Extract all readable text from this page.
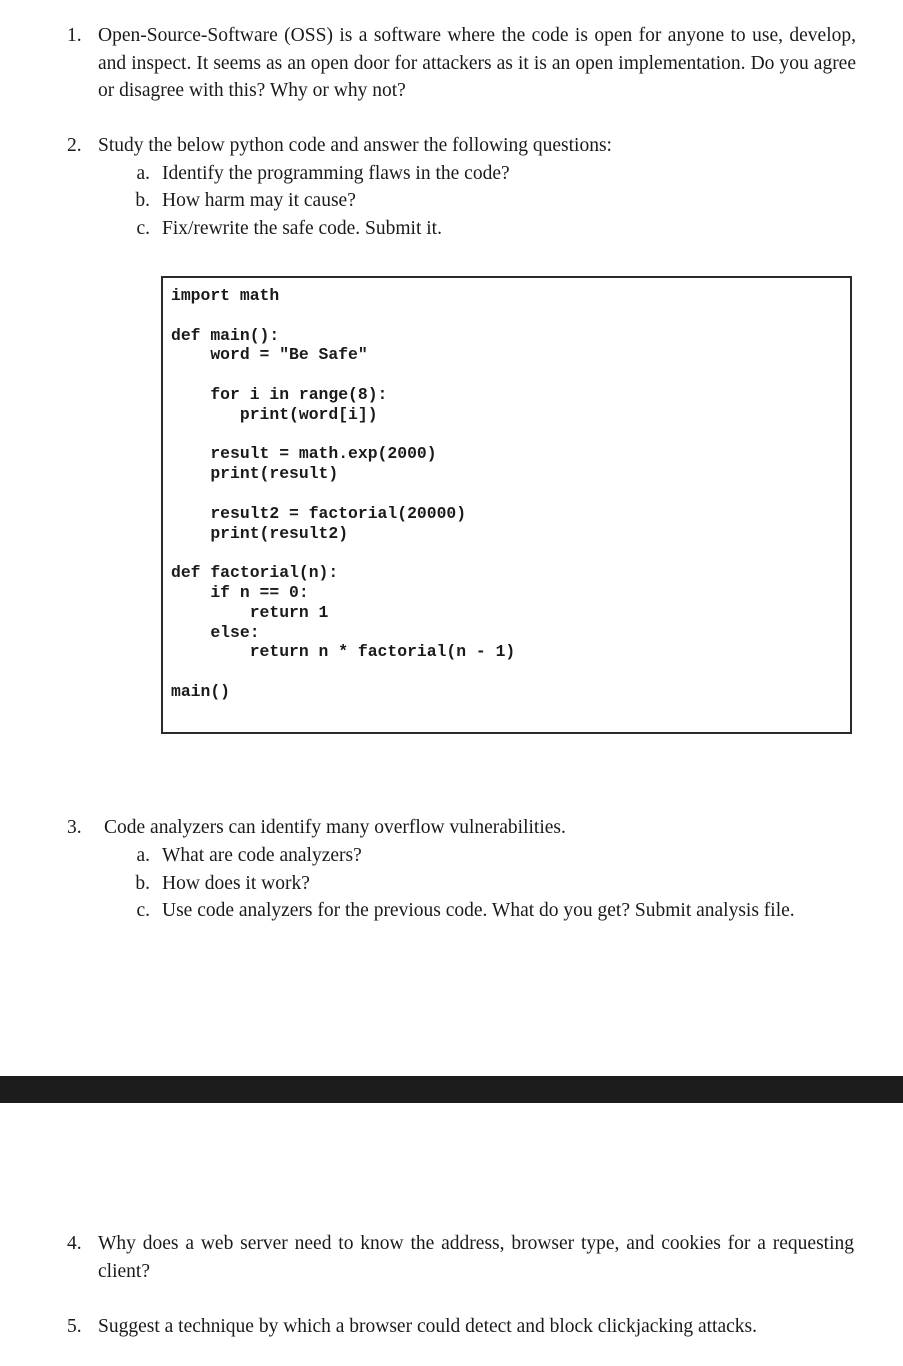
1. Open-Source-Software (OSS) is a software where the code is open for anyone to use, develop, and inspect. It seems as an open door for attackers as it is an open implementation. Do you agree or disagree with this? Why or why not?
2. Study the below python code and answer the following questions:
a. Identify the programming flaws in the code?
b. How harm may it cause?
c. Fix/rewrite the safe code. Submit it.
import math
def main():
word = "Be Safe"
for i in range(8):
print(word[i])
result = math.exp(2000)
print(result)
result2 = factorial(20000)
print(result2)
def factorial(n):
if n == 0:
return 1
else:
return n * factorial(n - 1)
main()
3. Code analyzers can identify many overflow vulnerabilities.
a. What are code analyzers?
b. How does it work?
c. Use code analyzers for the previous code. What do you get? Submit analysis file.
4. Why does a web server need to know the address, browser type, and cookies for a requesting client?
5. Suggest a technique by which a browser could detect and block clickjacking attacks.
